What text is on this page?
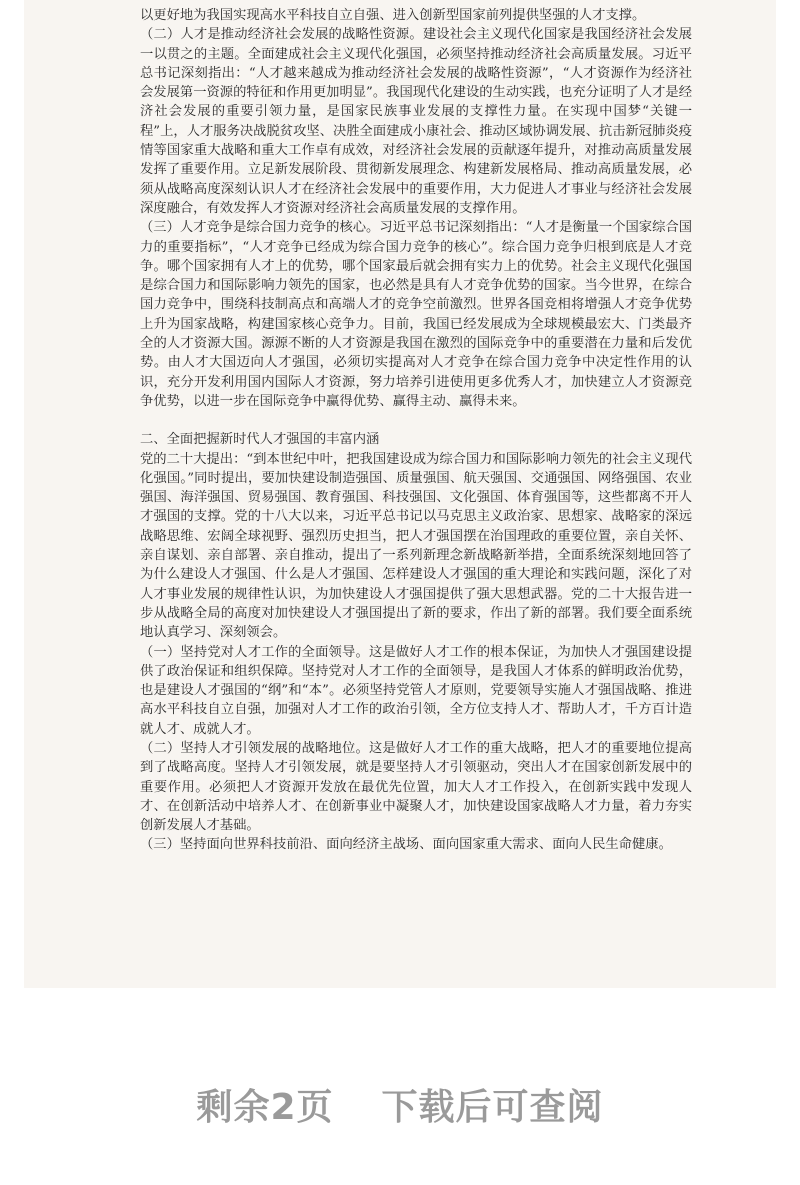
以更好地为我国实现高水平科技自立自强、进入创新型国家前列提供坚强的人才支撑。

（二）人才是推动经济社会发展的战略性资源。建设社会主义现代化国家是我国经济社会发展一以贯之的主题。全面建成社会主义现代化强国，必须坚持推动经济社会高质量发展。习近平总书记深刻指出：“人才越来越成为推动经济社会发展的战略性资源”，“人才资源作为经济社会发展第一资源的特征和作用更加明显”。我国现代化建设的生动实践，也充分证明了人才是经济社会发展的重要引领力量，是国家民族事业发展的支撑性力量。在实现中国梦“关键一程”上，人才服务决战脱贫攻坚、决胜全面建成小康社会、推动区域协调发展、抗击新冠肺炎疫情等国家重大战略和重大工作卓有成效，对经济社会发展的贡献逐年提升，对推动高质量发展发挥了重要作用。立足新发展阶段、贯彻新发展理念、构建新发展格局、推动高质量发展，必须从战略高度深刻认识人才在经济社会发展中的重要作用，大力促进人才事业与经济社会发展深度融合，有效发挥人才资源对经济社会高质量发展的支撑作用。

（三）人才竞争是综合国力竞争的核心。习近平总书记深刻指出：“人才是衡量一个国家综合国力的重要指标”，“人才竞争已经成为综合国力竞争的核心”。综合国力竞争归根到底是人才竞争。哪个国家拥有人才上的优势，哪个国家最后就会拥有实力上的优势。社会主义现代化强国是综合国力和国际影响力领先的国家，也必然是具有人才竞争优势的国家。当今世界，在综合国力竞争中，围绕科技制高点和高端人才的竞争空前激烈。世界各国竞相将增强人才竞争优势上升为国家战略，构建国家核心竞争力。目前，我国已经发展成为全球规模最宏大、门类最齐全的人才资源大国。源源不断的人才资源是我国在激烈的国际竞争中的重要潜在力量和后发优势。由人才大国迈向人才强国，必须切实提高对人才竞争在综合国力竞争中决定性作用的认识，充分开发利用国内国际人才资源，努力培养引进使用更多优秀人才，加快建立人才资源竞争优势，以进一步在国际竞争中赢得优势、赢得主动、赢得未来。

二、全面把握新时代人才强国的丰富内涵

党的二十大提出：“到本世纪中叶，把我国建设成为综合国力和国际影响力领先的社会主义现代化强国。”同时提出，要加快建设制造强国、质量强国、航天强国、交通强国、网络强国、农业强国、海洋强国、贸易强国、教育强国、科技强国、文化强国、体育强国等，这些都离不开人才强国的支撑。党的十八大以来，习近平总书记以马克思主义政治家、思想家、战略家的深远战略思维、宏阔全球视野、强烈历史担当，把人才强国摆在治国理政的重要位置，亲自关怀、亲自谋划、亲自部署、亲自推动，提出了一系列新理念新战略新举措，全面系统深刻地回答了为什么建设人才强国、什么是人才强国、怎样建设人才强国的重大理论和实践问题，深化了对人才事业发展的规律性认识，为加快建设人才强国提供了强大思想武器。党的二十大报告进一步从战略全局的高度对加快建设人才强国提出了新的要求，作出了新的部署。我们要全面系统地认真学习、深刻领会。

（一）坚持党对人才工作的全面领导。这是做好人才工作的根本保证，为加快人才强国建设提供了政治保证和组织保障。坚持党对人才工作的全面领导，是我国人才体系的鲜明政治优势，也是建设人才强国的“纲”和“本”。必须坚持党管人才原则，党要领导实施人才强国战略、推进高水平科技自立自强，加强对人才工作的政治引领，全方位支持人才、帮助人才，千方百计造就人才、成就人才。

（二）坚持人才引领发展的战略地位。这是做好人才工作的重大战略，把人才的重要地位提高到了战略高度。坚持人才引领发展，就是要坚持人才引领驱动，突出人才在国家创新发展中的重要作用。必须把人才资源开发放在最优先位置，加大人才工作投入，在创新实践中发现人才、在创新活动中培养人才、在创新事业中凝聚人才，加快建设国家战略人才力量，着力夯实创新发展人才基础。

（三）坚持面向世界科技前沿、面向经济主战场、面向国家重大需求、面向人民生命健康。

剩余2页 下载后可查阅
